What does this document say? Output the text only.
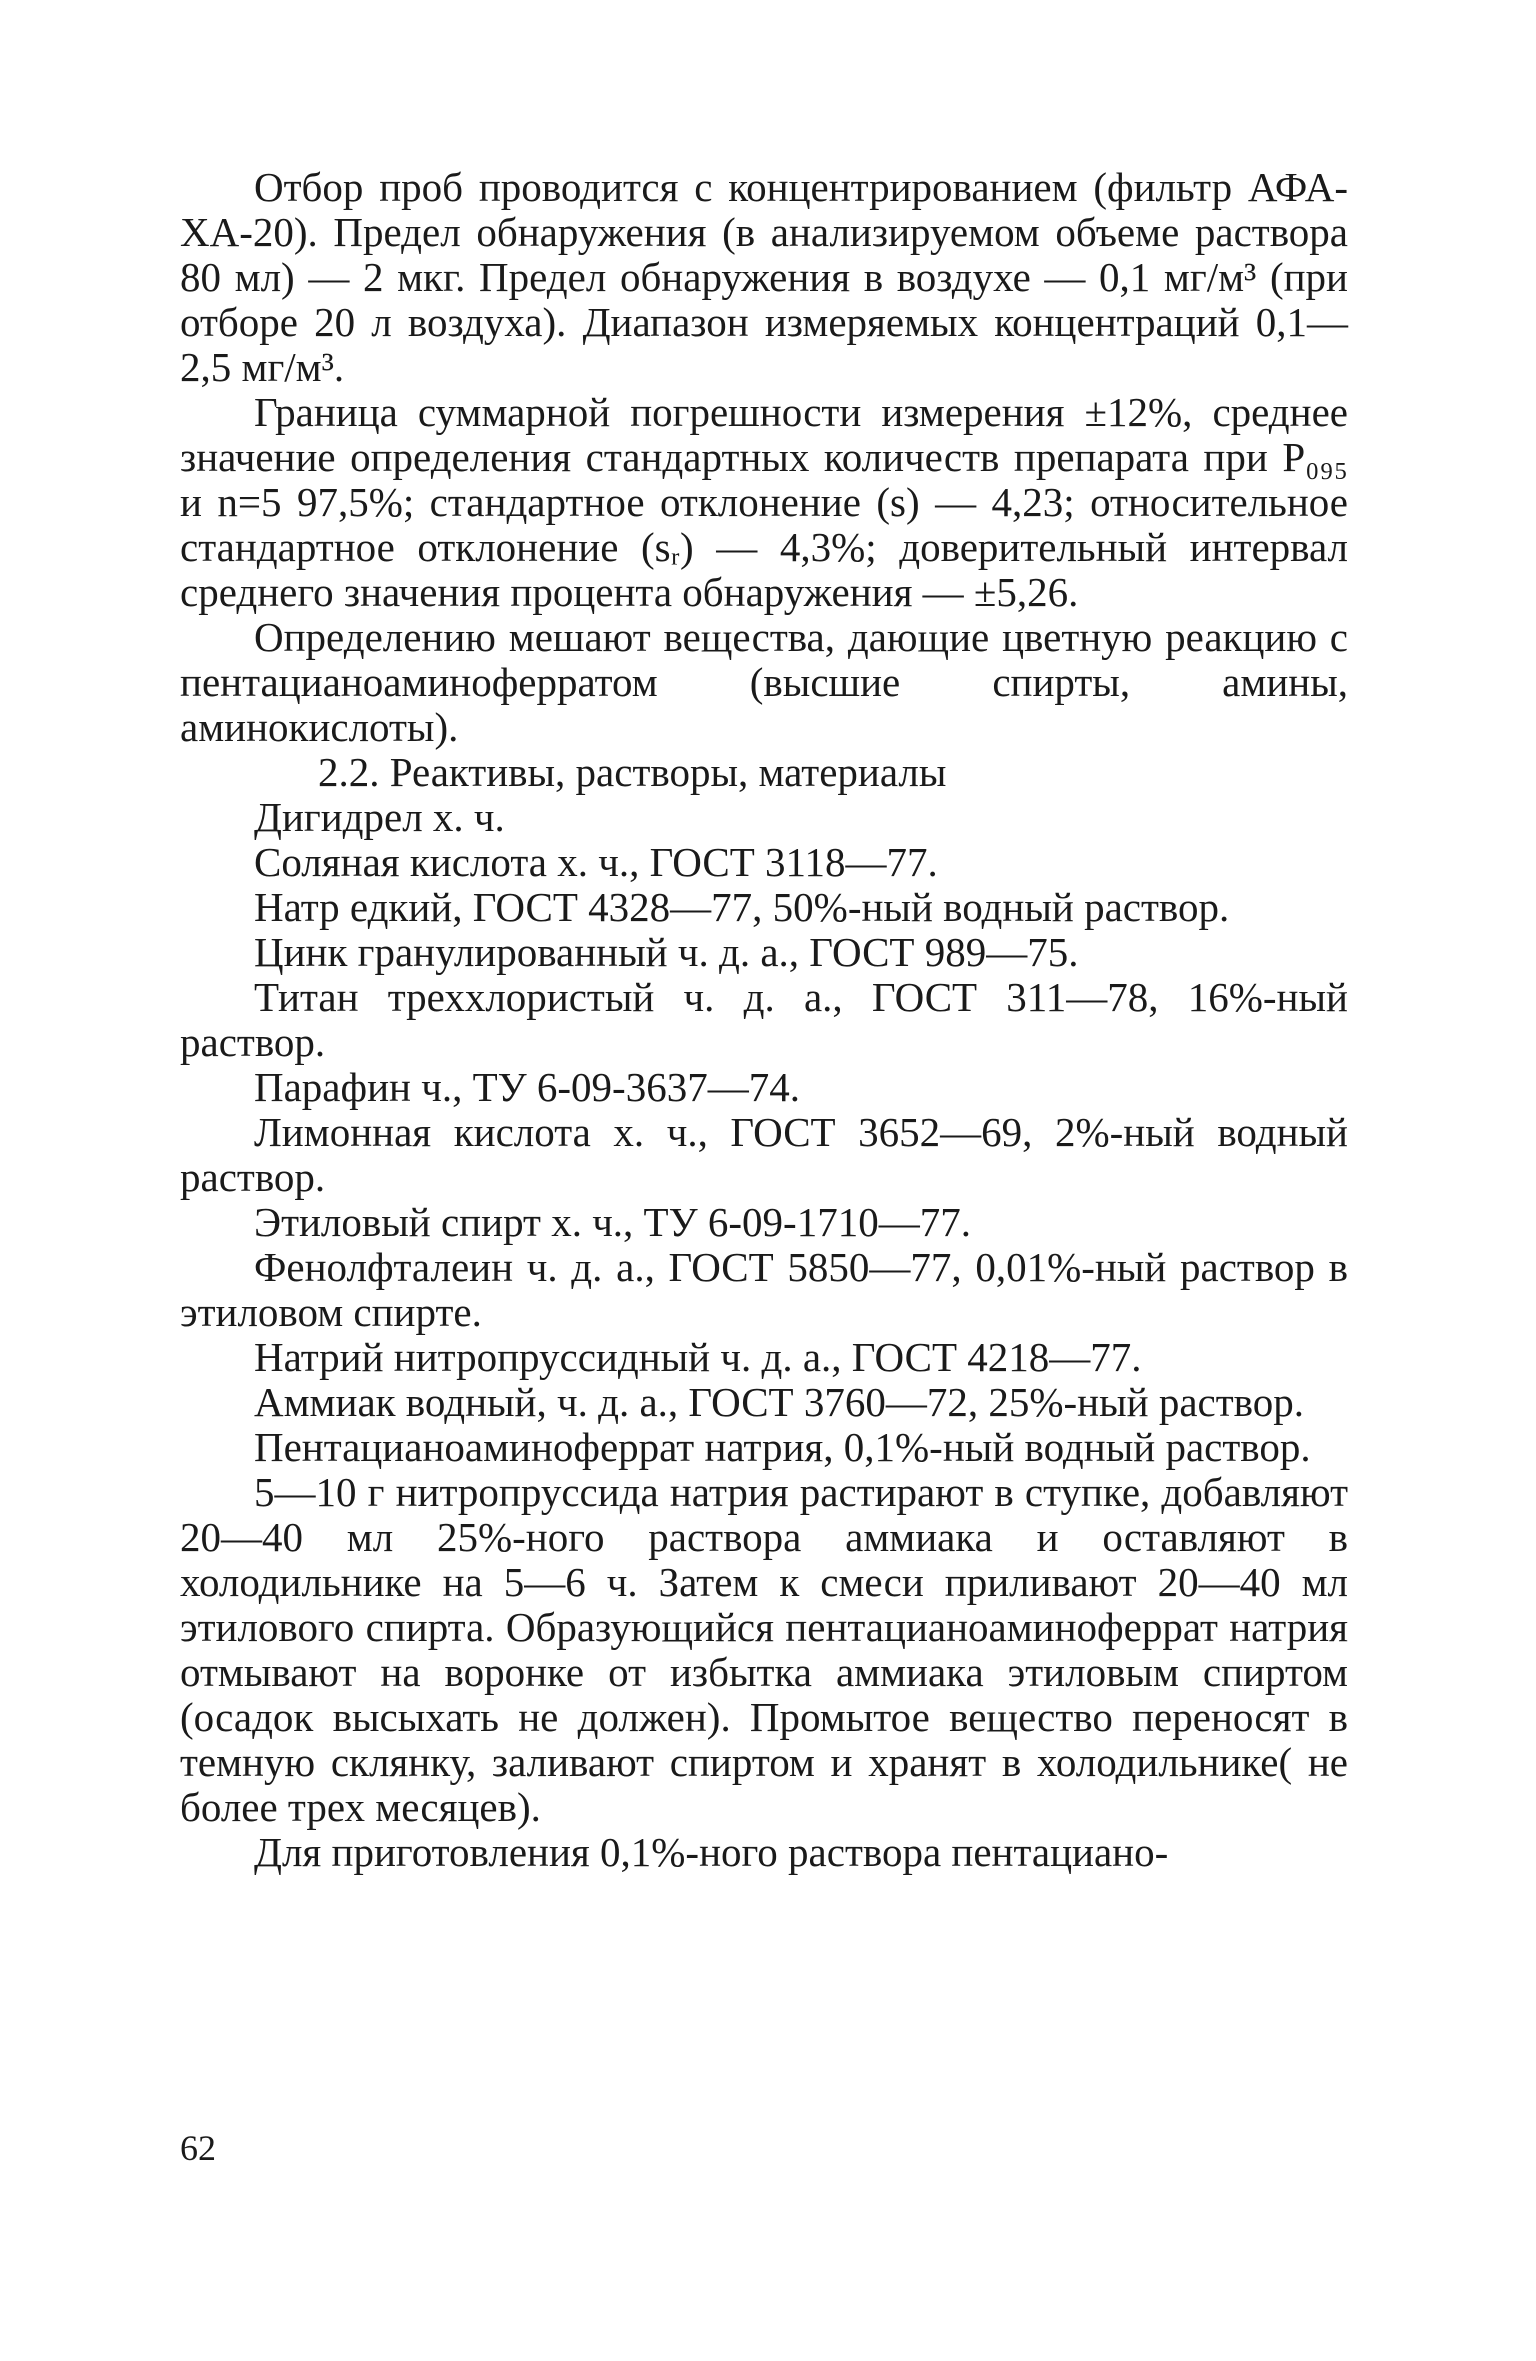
Отбор проб проводится с концентрированием (фильтр АФА-ХА-20). Предел обнаружения (в анализируемом объеме раствора 80 мл) — 2 мкг. Предел обнаружения в воздухе — 0,1 мг/м³ (при отборе 20 л воздуха). Диапазон измеряемых концентраций 0,1—2,5 мг/м³.

Граница суммарной погрешности измерения ±12%, среднее значение определения стандартных количеств препарата при P₀₉₅ и n=5 97,5%; стандартное отклонение (s) — 4,23; относительное стандартное отклонение (sᵣ) — 4,3%; доверительный интервал среднего значения процента обнаружения — ±5,26.

Определению мешают вещества, дающие цветную реакцию с пентацианоаминоферратом (высшие спирты, амины, аминокислоты).

2.2. Реактивы, растворы, материалы

Дигидрел х. ч.

Соляная кислота х. ч., ГОСТ 3118—77.

Натр едкий, ГОСТ 4328—77, 50%-ный водный раствор.

Цинк гранулированный ч. д. а., ГОСТ 989—75.

Титан треххлористый ч. д. а., ГОСТ 311—78, 16%-ный раствор.

Парафин ч., ТУ 6-09-3637—74.

Лимонная кислота х. ч., ГОСТ 3652—69, 2%-ный водный раствор.

Этиловый спирт х. ч., ТУ 6-09-1710—77.

Фенолфталеин ч. д. а., ГОСТ 5850—77, 0,01%-ный раствор в этиловом спирте.

Натрий нитропруссидный ч. д. а., ГОСТ 4218—77.

Аммиак водный, ч. д. а., ГОСТ 3760—72, 25%-ный раствор.

Пентацианоаминоферрат натрия, 0,1%-ный водный раствор.

5—10 г нитропруссида натрия растирают в ступке, добавляют 20—40 мл 25%-ного раствора аммиака и оставляют в холодильнике на 5—6 ч. Затем к смеси приливают 20—40 мл этилового спирта. Образующийся пентацианоаминоферрат натрия отмывают на воронке от избытка аммиака этиловым спиртом (осадок высыхать не должен). Промытое вещество переносят в темную склянку, заливают спиртом и хранят в холодильнике( не более трех месяцев).

Для приготовления 0,1%-ного раствора пентациано-

62
